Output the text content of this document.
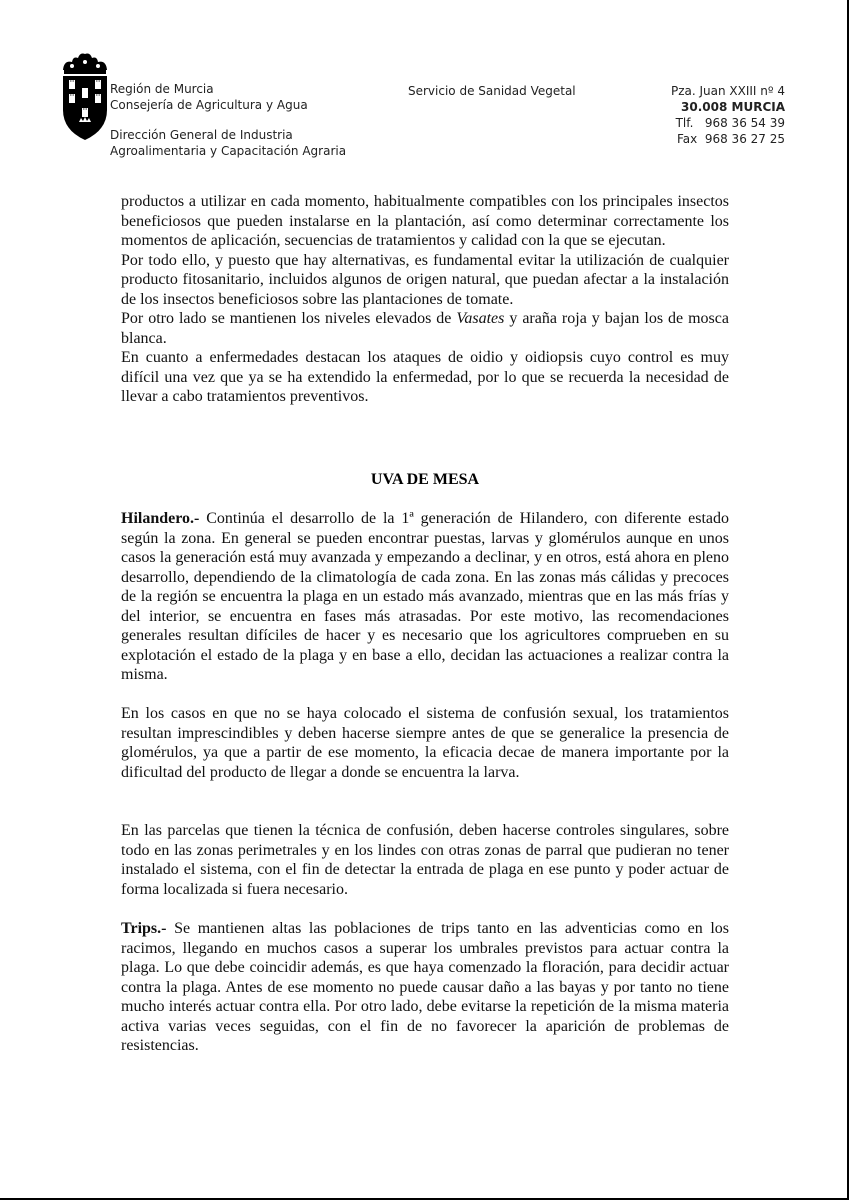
Región de Murcia
Consejería de Agricultura y Agua

Dirección General de Industria
Agroalimentaria y Capacitación Agraria

Servicio de Sanidad Vegetal	Pza. Juan XXIII nº 4
30.008 MURCIA
Tlf.   968 36 54 39
Fax  968 36 27 25

productos a utilizar en cada momento, habitualmente compatibles con los principales insectos beneficiosos que pueden instalarse en la plantación, así como determinar correctamente los momentos de aplicación, secuencias de tratamientos y calidad con la que se ejecutan.

Por todo ello, y puesto que hay alternativas, es fundamental evitar la utilización de cualquier producto fitosanitario, incluidos algunos de origen natural, que puedan afectar a la instalación de los insectos beneficiosos sobre las plantaciones de tomate.

Por otro lado se mantienen los niveles elevados de Vasates y araña roja y bajan los de mosca blanca.

En cuanto a enfermedades destacan los ataques de oidio y oidiopsis cuyo control es muy difícil una vez que ya se ha extendido la enfermedad, por lo que se recuerda la necesidad de llevar a cabo tratamientos preventivos.

UVA DE MESA

Hilandero.- Continúa el desarrollo de la 1ª generación de Hilandero, con diferente estado según la zona. En general se pueden encontrar puestas, larvas y glomérulos aunque en unos casos la generación está muy avanzada y empezando a declinar, y en otros, está ahora en pleno desarrollo, dependiendo de la climatología de cada zona. En las zonas más cálidas y precoces de la región se encuentra la plaga en un estado más avanzado, mientras que en las más frías y del interior, se encuentra en fases más atrasadas. Por este motivo, las recomendaciones generales resultan difíciles de hacer y es necesario que los agricultores comprueben en su explotación el estado de la plaga y en base a ello, decidan las actuaciones a realizar contra la misma.

En los casos en que no se haya colocado el sistema de confusión sexual, los tratamientos resultan imprescindibles y deben hacerse siempre antes de que se generalice la presencia de glomérulos, ya que a partir de ese momento, la eficacia decae de manera importante por la dificultad del producto de llegar a donde se encuentra la larva.

En las parcelas que tienen la técnica de confusión, deben hacerse controles singulares, sobre todo en las zonas perimetrales y en los lindes con otras zonas de parral que pudieran no tener instalado el sistema, con el fin de detectar la entrada de plaga en ese punto y poder actuar de forma localizada si fuera necesario.

Trips.- Se mantienen altas las poblaciones de trips tanto en las adventicias como en los racimos, llegando en muchos casos a superar los umbrales previstos para actuar contra la plaga. Lo que debe coincidir además, es que haya comenzado la floración, para decidir actuar contra la plaga. Antes de ese momento no puede causar daño a las bayas y por tanto no tiene mucho interés actuar contra ella. Por otro lado, debe evitarse la repetición de la misma materia activa varias veces seguidas, con el fin de no favorecer la aparición de problemas de resistencias.
